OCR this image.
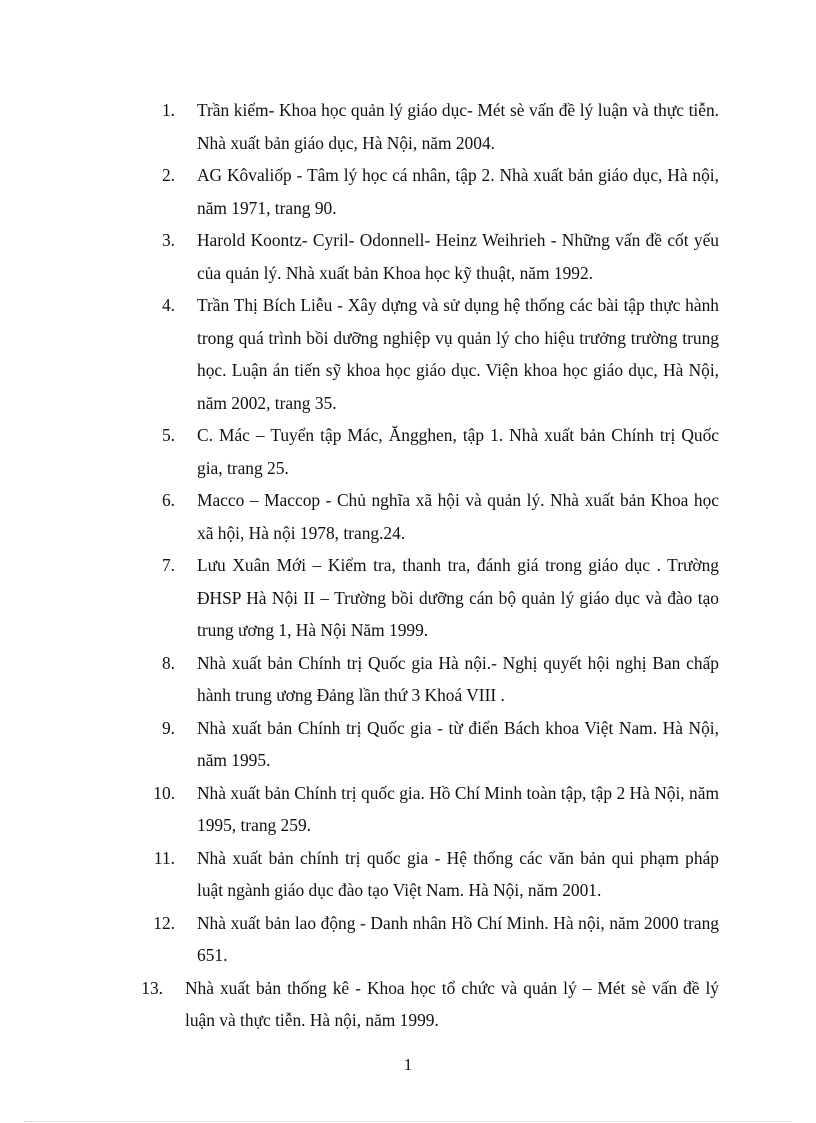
1. Trần kiểm- Khoa học quản lý giáo dục- Mét sè vấn đề lý luận và thực tiễn. Nhà xuất bản giáo dục, Hà Nội, năm 2004.
2. AG Kôvaliốp - Tâm lý học cá nhân, tập 2. Nhà xuất bản giáo dục, Hà nội, năm 1971, trang 90.
3. Harold Koontz- Cyril- Odonnell- Heinz Weihrieh - Những vấn đề cốt yếu của quản lý. Nhà xuất bản Khoa học kỹ thuật, năm 1992.
4. Trần Thị Bích Liễu - Xây dựng và sử dụng hệ thống các bài tập thực hành trong quá trình bồi dưỡng nghiệp vụ quản lý cho hiệu trưởng trường trung học. Luận án tiến sỹ khoa học giáo dục. Viện khoa học giáo dục, Hà Nội, năm 2002, trang 35.
5. C. Mác – Tuyển tập Mác, Ăngghen, tập 1. Nhà xuất bản Chính trị Quốc gia, trang 25.
6. Macco – Maccop - Chủ nghĩa xã hội và quản lý. Nhà xuất bản Khoa học xã hội, Hà nội 1978, trang.24.
7. Lưu Xuân Mới – Kiểm tra, thanh tra, đánh giá trong giáo dục . Trường ĐHSP Hà Nội II – Trường bồi dưỡng cán bộ quản lý giáo dục và đào tạo trung ương 1, Hà Nội Năm 1999.
8. Nhà xuất bản Chính trị Quốc gia Hà nội.- Nghị quyết hội nghị Ban chấp hành trung ương Đảng lần thứ 3 Khoá VIII .
9. Nhà xuất bản Chính trị Quốc gia - từ điển Bách khoa Việt Nam. Hà Nội, năm 1995.
10. Nhà xuất bản Chính trị quốc gia. Hồ Chí Minh toàn tập, tập 2 Hà Nội, năm 1995, trang 259.
11. Nhà xuất bản chính trị quốc gia - Hệ thống các văn bản qui phạm pháp luật ngành giáo dục đào tạo Việt Nam. Hà Nội, năm 2001.
12. Nhà xuất bản lao động - Danh nhân Hồ Chí Minh. Hà nội, năm 2000 trang 651.
13. Nhà xuất bản thống kê - Khoa học tổ chức và quản lý – Mét sè vấn đề lý luận và thực tiễn. Hà nội, năm 1999.
1
